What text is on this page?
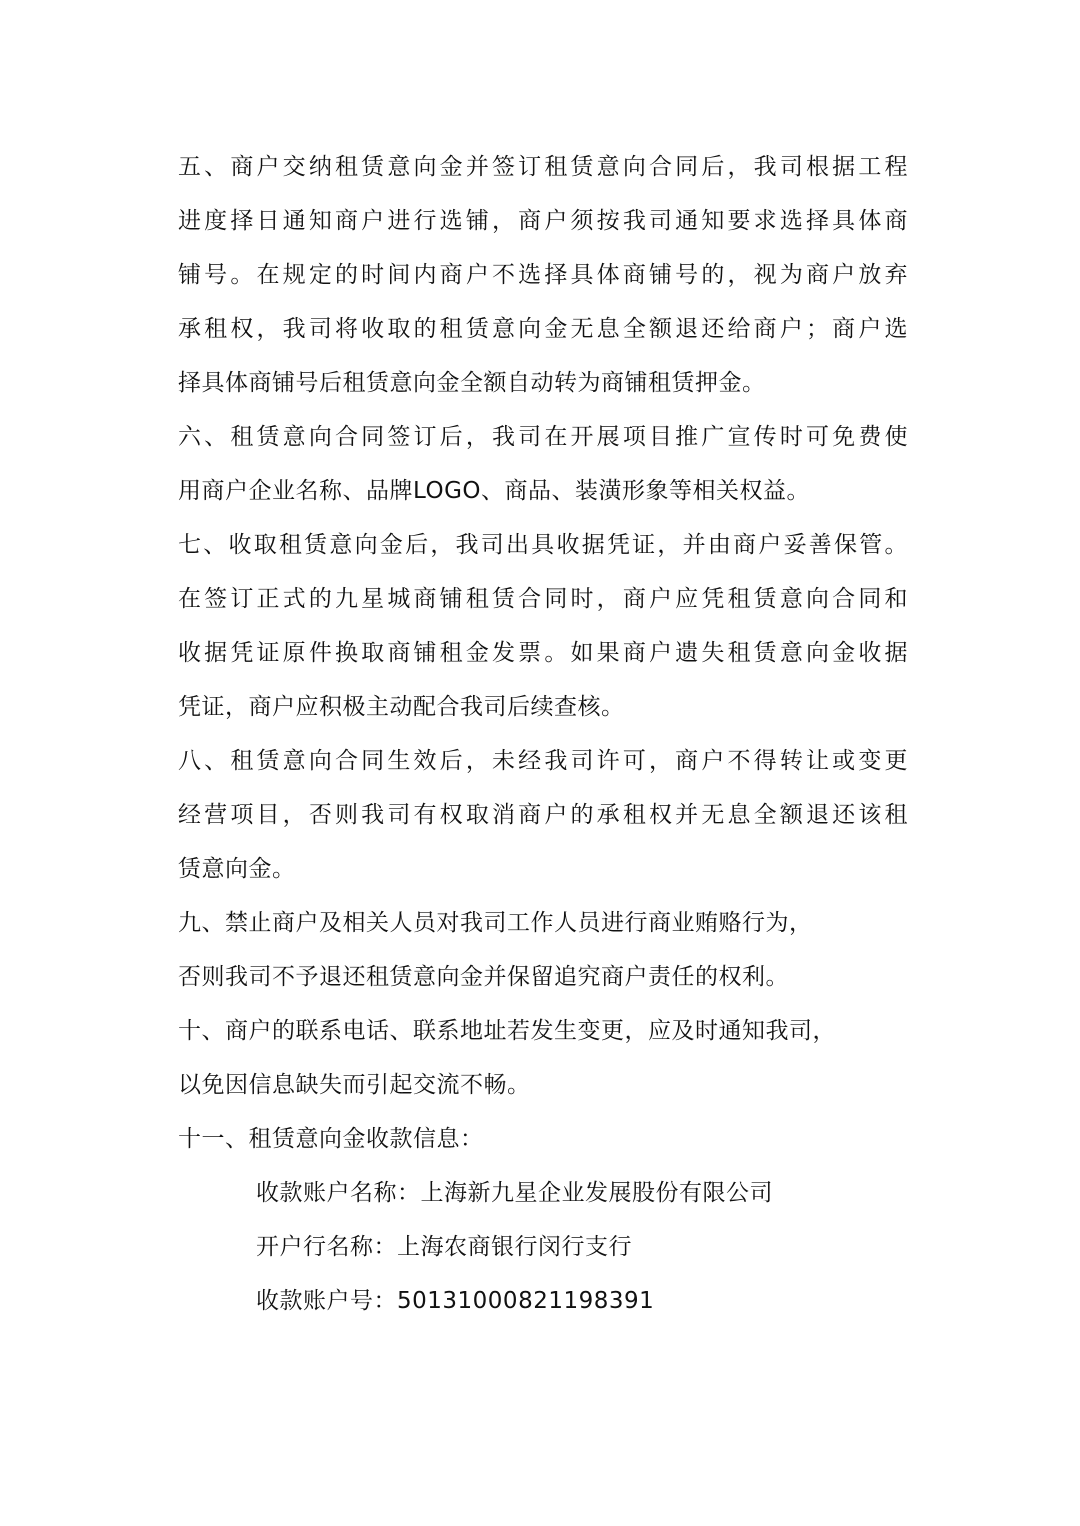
五、商户交纳租赁意向金并签订租赁意向合同后，我司根据工程
进度择日通知商户进行选铺，商户须按我司通知要求选择具体商
铺号。在规定的时间内商户不选择具体商铺号的，视为商户放弃
承租权，我司将收取的租赁意向金无息全额退还给商户；商户选
择具体商铺号后租赁意向金全额自动转为商铺租赁押金。
六、租赁意向合同签订后，我司在开展项目推广宣传时可免费使
用商户企业名称、品牌LOGO、商品、装潢形象等相关权益。
七、收取租赁意向金后，我司出具收据凭证，并由商户妥善保管。
在签订正式的九星城商铺租赁合同时，商户应凭租赁意向合同和
收据凭证原件换取商铺租金发票。如果商户遗失租赁意向金收据
凭证，商户应积极主动配合我司后续查核。
八、租赁意向合同生效后，未经我司许可，商户不得转让或变更
经营项目，否则我司有权取消商户的承租权并无息全额退还该租
赁意向金。
九、禁止商户及相关人员对我司工作人员进行商业贿赂行为，
否则我司不予退还租赁意向金并保留追究商户责任的权利。
十、商户的联系电话、联系地址若发生变更，应及时通知我司，
以免因信息缺失而引起交流不畅。
十一、租赁意向金收款信息：
收款账户名称：上海新九星企业发展股份有限公司
开户行名称：上海农商银行闵行支行
收款账户号：50131000821198391
